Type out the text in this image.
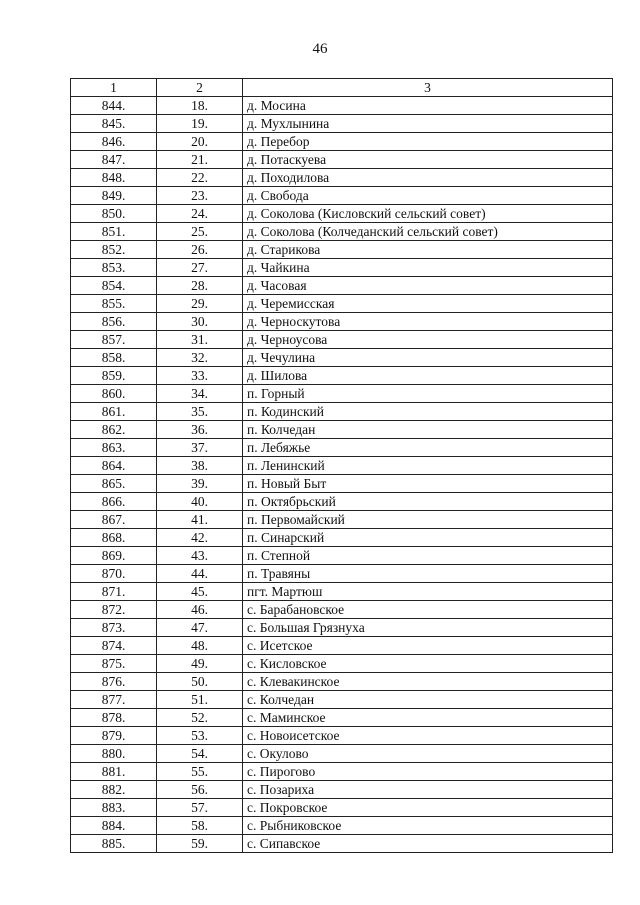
46
1	2	3
844.	18.	д. Мосина
845.	19.	д. Мухлынина
846.	20.	д. Перебор
847.	21.	д. Потаскуева
848.	22.	д. Походилова
849.	23.	д. Свобода
850.	24.	д. Соколова (Кисловский сельский совет)
851.	25.	д. Соколова (Колчеданский сельский совет)
852.	26.	д. Старикова
853.	27.	д. Чайкина
854.	28.	д. Часовая
855.	29.	д. Черемисская
856.	30.	д. Черноскутова
857.	31.	д. Черноусова
858.	32.	д. Чечулина
859.	33.	д. Шилова
860.	34.	п. Горный
861.	35.	п. Кодинский
862.	36.	п. Колчедан
863.	37.	п. Лебяжье
864.	38.	п. Ленинский
865.	39.	п. Новый Быт
866.	40.	п. Октябрьский
867.	41.	п. Первомайский
868.	42.	п. Синарский
869.	43.	п. Степной
870.	44.	п. Травяны
871.	45.	пгт. Мартюш
872.	46.	с. Барабановское
873.	47.	с. Большая Грязнуха
874.	48.	с. Исетское
875.	49.	с. Кисловское
876.	50.	с. Клевакинское
877.	51.	с. Колчедан
878.	52.	с. Маминское
879.	53.	с. Новоисетское
880.	54.	с. Окулово
881.	55.	с. Пирогово
882.	56.	с. Позариха
883.	57.	с. Покровское
884.	58.	с. Рыбниковское
885.	59.	с. Сипавское
